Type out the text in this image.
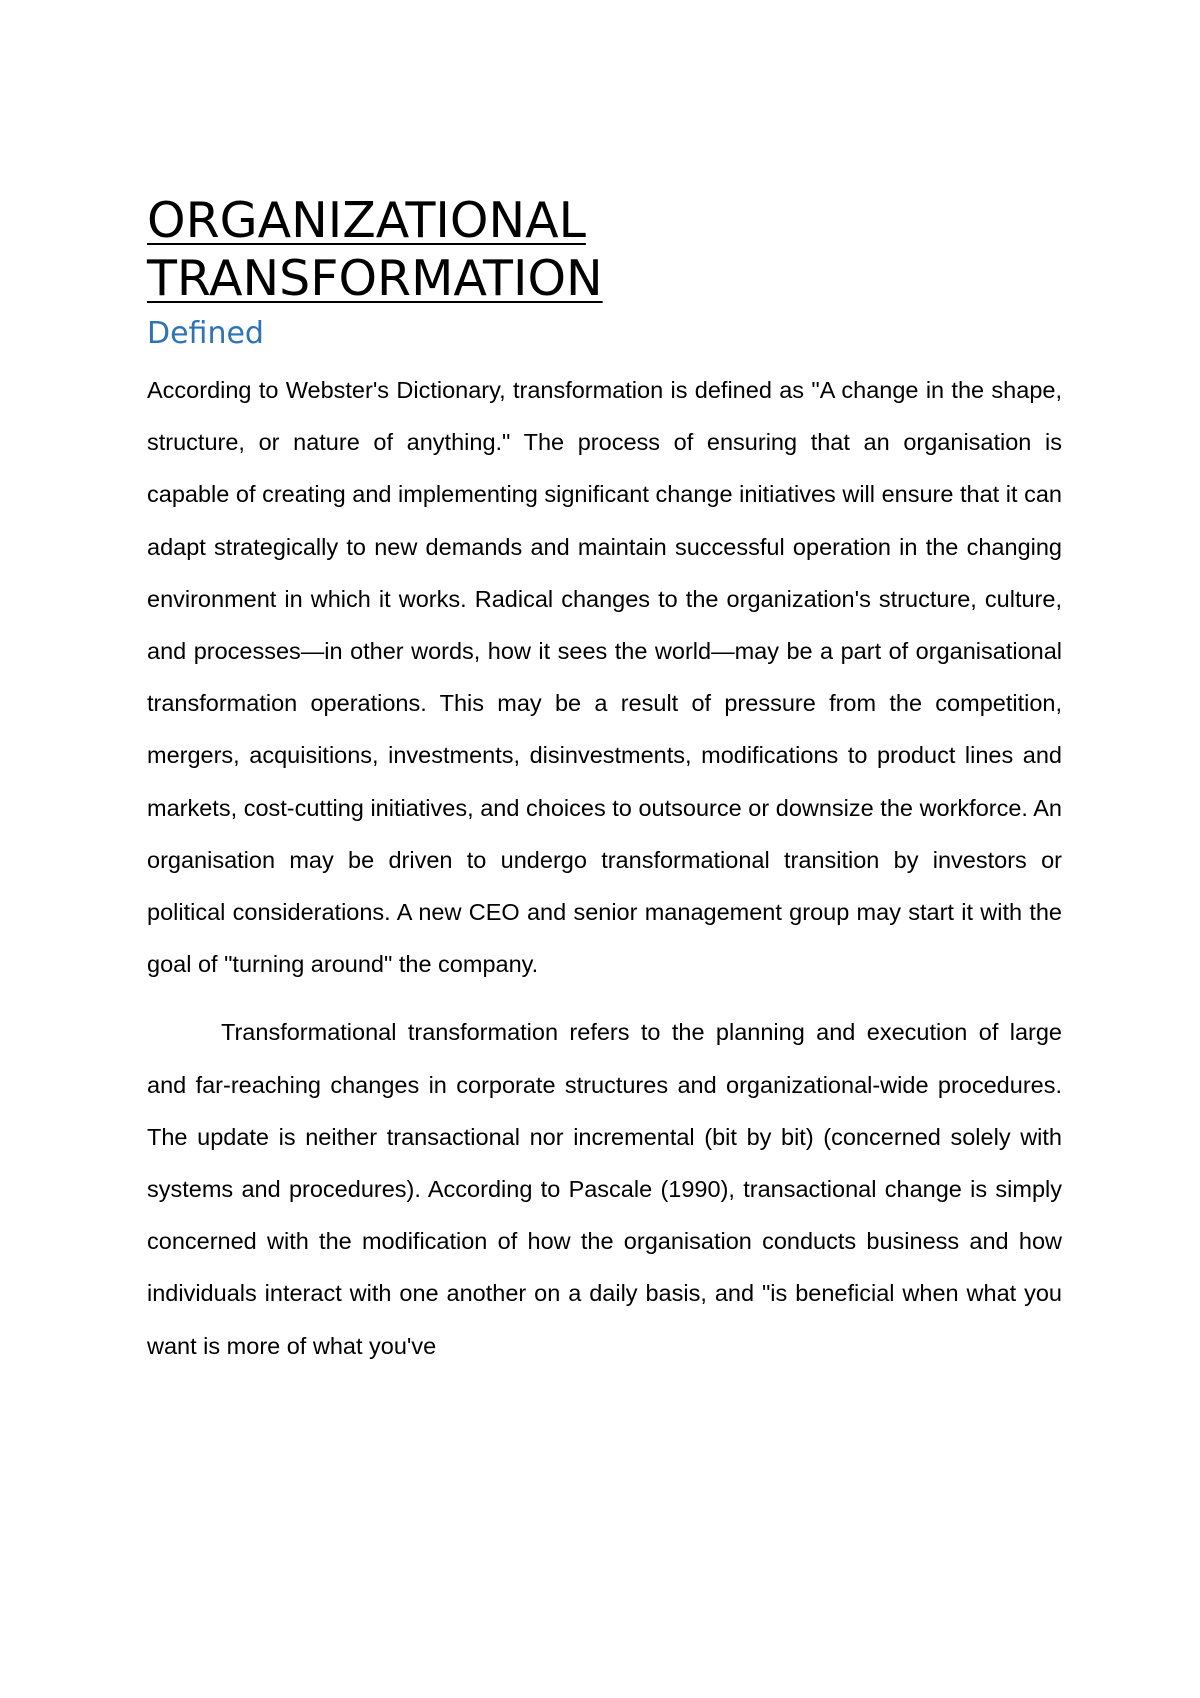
ORGANIZATIONAL
TRANSFORMATION
Defined

According to Webster's Dictionary, transformation is defined as "A change in the shape, structure, or nature of anything." The process of ensuring that an organisation is capable of creating and implementing significant change initiatives will ensure that it can adapt strategically to new demands and maintain successful operation in the changing environment in which it works. Radical changes to the organization's structure, culture, and processes—in other words, how it sees the world—may be a part of organisational transformation operations. This may be a result of pressure from the competition, mergers, acquisitions, investments, disinvestments, modifications to product lines and markets, cost-cutting initiatives, and choices to outsource or downsize the workforce. An organisation may be driven to undergo transformational transition by investors or political considerations. A new CEO and senior management group may start it with the goal of "turning around" the company.

Transformational transformation refers to the planning and execution of large and far-reaching changes in corporate structures and organizational-wide procedures. The update is neither transactional nor incremental (bit by bit) (concerned solely with systems and procedures). According to Pascale (1990), transactional change is simply concerned with the modification of how the organisation conducts business and how individuals interact with one another on a daily basis, and "is beneficial when what you want is more of what you've
